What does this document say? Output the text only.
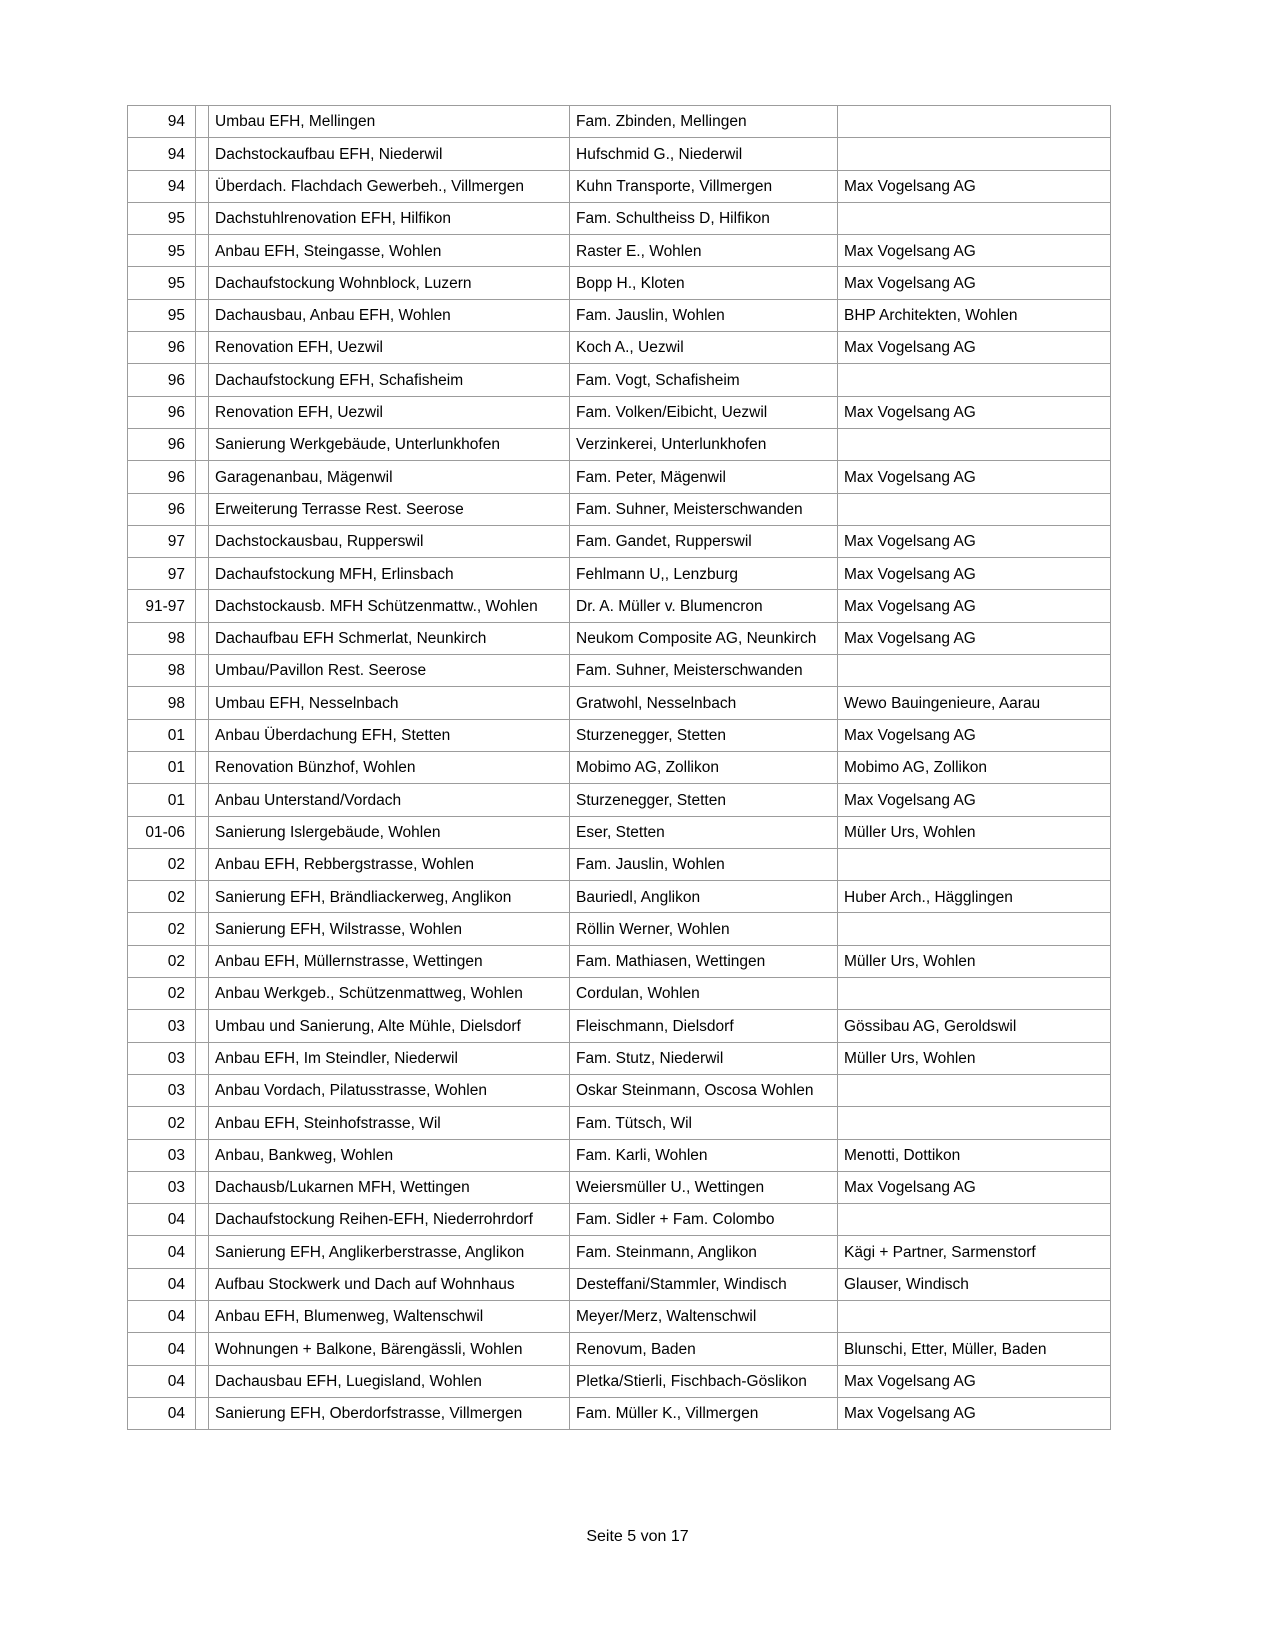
94	Umbau EFH, Mellingen	Fam. Zbinden, Mellingen
94	Dachstockaufbau EFH, Niederwil	Hufschmid G., Niederwil
94	Überdach. Flachdach Gewerbeh., Villmergen	Kuhn Transporte, Villmergen	Max Vogelsang AG
95	Dachstuhlrenovation EFH, Hilfikon	Fam. Schultheiss D, Hilfikon
95	Anbau EFH, Steingasse, Wohlen	Raster E., Wohlen	Max Vogelsang AG
95	Dachaufstockung Wohnblock, Luzern	Bopp H., Kloten	Max Vogelsang AG
95	Dachausbau, Anbau EFH, Wohlen	Fam. Jauslin, Wohlen	BHP Architekten, Wohlen
96	Renovation EFH, Uezwil	Koch A., Uezwil	Max Vogelsang AG
96	Dachaufstockung EFH, Schafisheim	Fam. Vogt, Schafisheim
96	Renovation EFH, Uezwil	Fam. Volken/Eibicht, Uezwil	Max Vogelsang AG
96	Sanierung Werkgebäude, Unterlunkhofen	Verzinkerei, Unterlunkhofen
96	Garagenanbau, Mägenwil	Fam. Peter, Mägenwil	Max Vogelsang AG
96	Erweiterung Terrasse Rest. Seerose	Fam. Suhner, Meisterschwanden
97	Dachstockausbau, Rupperswil	Fam. Gandet, Rupperswil	Max Vogelsang AG
97	Dachaufstockung MFH, Erlinsbach	Fehlmann U,, Lenzburg	Max Vogelsang AG
91-97	Dachstockausb. MFH Schützenmattw., Wohlen	Dr. A. Müller v. Blumencron	Max Vogelsang AG
98	Dachaufbau EFH Schmerlat, Neunkirch	Neukom Composite AG, Neunkirch	Max Vogelsang AG
98	Umbau/Pavillon Rest. Seerose	Fam. Suhner, Meisterschwanden
98	Umbau EFH, Nesselnbach	Gratwohl, Nesselnbach	Wewo Bauingenieure, Aarau
01	Anbau Überdachung EFH, Stetten	Sturzenegger, Stetten	Max Vogelsang AG
01	Renovation Bünzhof, Wohlen	Mobimo AG, Zollikon	Mobimo AG, Zollikon
01	Anbau Unterstand/Vordach	Sturzenegger, Stetten	Max Vogelsang AG
01-06	Sanierung Islergebäude, Wohlen	Eser, Stetten	Müller Urs, Wohlen
02	Anbau EFH, Rebbergstrasse, Wohlen	Fam. Jauslin, Wohlen
02	Sanierung EFH, Brändliackerweg, Anglikon	Bauriedl, Anglikon	Huber Arch., Hägglingen
02	Sanierung EFH, Wilstrasse, Wohlen	Röllin Werner, Wohlen
02	Anbau EFH, Müllernstrasse, Wettingen	Fam. Mathiasen, Wettingen	Müller Urs, Wohlen
02	Anbau Werkgeb., Schützenmattweg, Wohlen	Cordulan, Wohlen
03	Umbau und Sanierung, Alte Mühle, Dielsdorf	Fleischmann, Dielsdorf	Gössibau AG, Geroldswil
03	Anbau EFH, Im Steindler, Niederwil	Fam. Stutz, Niederwil	Müller Urs, Wohlen
03	Anbau Vordach, Pilatusstrasse, Wohlen	Oskar Steinmann, Oscosa Wohlen
02	Anbau EFH, Steinhofstrasse, Wil	Fam. Tütsch, Wil
03	Anbau, Bankweg, Wohlen	Fam. Karli, Wohlen	Menotti, Dottikon
03	Dachausb/Lukarnen MFH, Wettingen	Weiersmüller U., Wettingen	Max Vogelsang AG
04	Dachaufstockung Reihen-EFH, Niederrohrdorf	Fam. Sidler + Fam. Colombo
04	Sanierung EFH, Anglikerberstrasse, Anglikon	Fam. Steinmann, Anglikon	Kägi + Partner, Sarmenstorf
04	Aufbau Stockwerk und Dach auf Wohnhaus	Desteffani/Stammler, Windisch	Glauser, Windisch
04	Anbau EFH, Blumenweg, Waltenschwil	Meyer/Merz, Waltenschwil
04	Wohnungen + Balkone, Bärengässli, Wohlen	Renovum, Baden	Blunschi, Etter, Müller, Baden
04	Dachausbau EFH, Luegisland, Wohlen	Pletka/Stierli, Fischbach-Göslikon	Max Vogelsang AG
04	Sanierung EFH, Oberdorfstrasse, Villmergen	Fam. Müller K., Villmergen	Max Vogelsang AG
Seite 5 von 17
